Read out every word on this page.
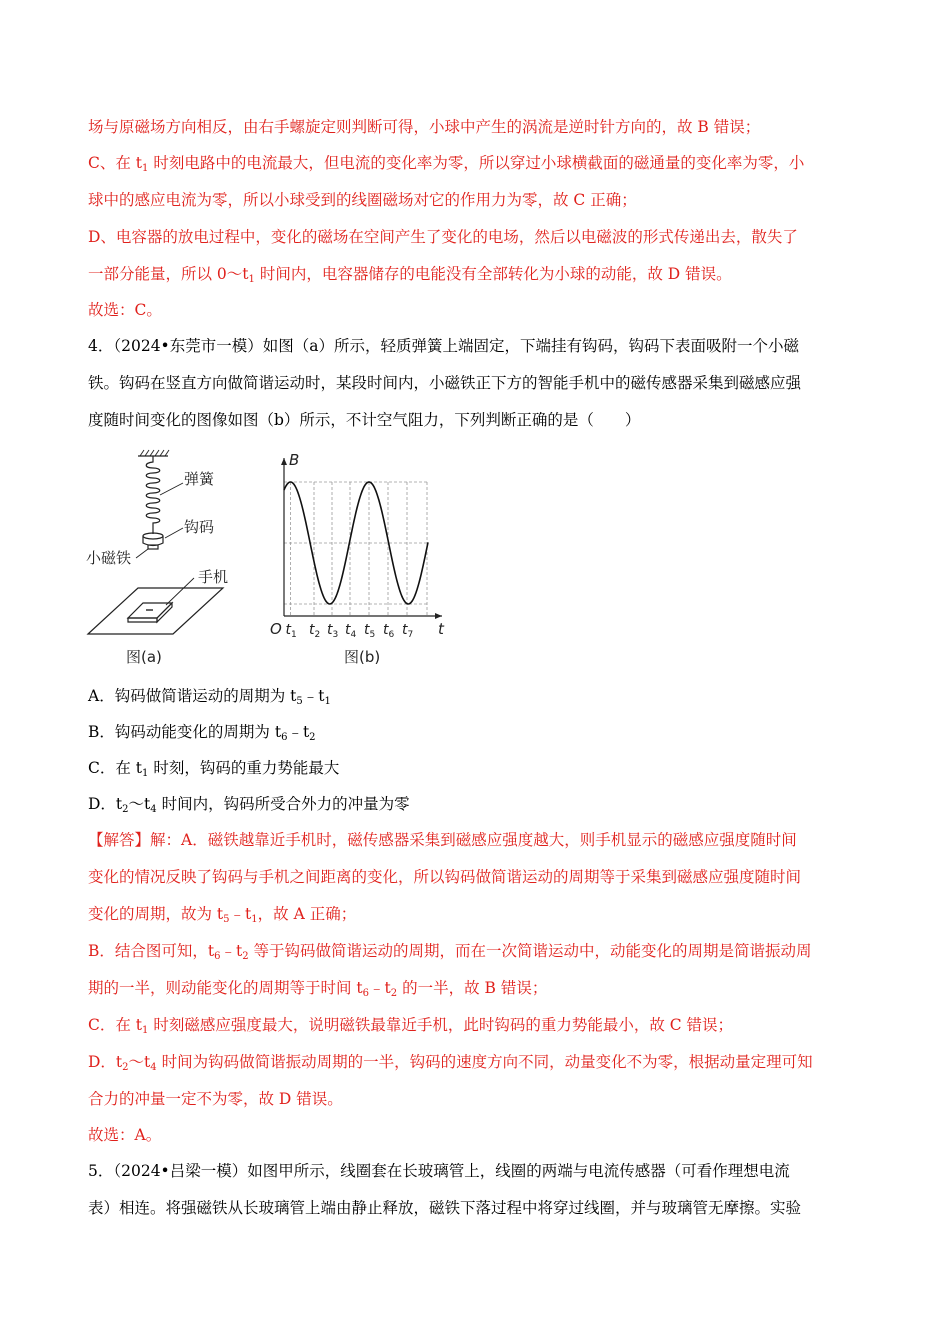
场与原磁场方向相反，由右手螺旋定则判断可得，小球中产生的涡流是逆时针方向的，故 B 错误；
C、在 $t_1$ 时刻电路中的电流最大，但电流的变化率为零，所以穿过小球横截面的磁通量的变化率为零，小
球中的感应电流为零，所以小球受到的线圈磁场对它的作用力为零，故 C 正确；
D、电容器的放电过程中，变化的磁场在空间产生了变化的电场，然后以电磁波的形式传递出去，散失了
一部分能量，所以 $0\sim t_1$ 时间内，电容器储存的电能没有全部转化为小球的动能，故 D 错误。
故选：C。
4．（2024•东莞市一模）如图（a）所示，轻质弹簧上端固定，下端挂有钩码，钩码下表面吸附一个小磁
铁。钩码在竖直方向做简谐运动时，某段时间内，小磁铁正下方的智能手机中的磁传感器采集到磁感应强
度随时间变化的图像如图（b）所示，不计空气阻力，下列判断正确的是（　　）
A．钩码做简谐运动的周期为 $t_5﹣t_1$
B．钩码动能变化的周期为 $t_6﹣t_2$
C．在 $t_1$ 时刻，钩码的重力势能最大
D．$t_2\sim t_4$ 时间内，钩码所受合外力的冲量为零
【解答】解：A．磁铁越靠近手机时，磁传感器采集到磁感应强度越大，则手机显示的磁感应强度随时间
变化的情况反映了钩码与手机之间距离的变化，所以钩码做简谐运动的周期等于采集到磁感应强度随时间
变化的周期，故为 $t_5﹣t_1$，故 A 正确；
B．结合图可知，$t_6﹣t_2$ 等于钩码做简谐运动的周期，而在一次简谐运动中，动能变化的周期是简谐振动周
期的一半，则动能变化的周期等于时间 $t_6﹣t_2$ 的一半，故 B 错误；
C．在 $t_1$ 时刻磁感应强度最大，说明磁铁最靠近手机，此时钩码的重力势能最小，故 C 错误；
D．$t_2\sim t_4$ 时间为钩码做简谐振动周期的一半，钩码的速度方向不同，动量变化不为零，根据动量定理可知
合力的冲量一定不为零，故 D 错误。
故选：A。
5．（2024•吕梁一模）如图甲所示，线圈套在长玻璃管上，线圈的两端与电流传感器（可看作理想电流
表）相连。将强磁铁从长玻璃管上端由静止释放，磁铁下落过程中将穿过线圈，并与玻璃管无摩擦。实验
弹簧
钩码
小磁铁
手机
图(a)
B
t
O $t_1$ $t_2$ $t_3$ $t_4$ $t_5$ $t_6$ $t_7$
图(b)
